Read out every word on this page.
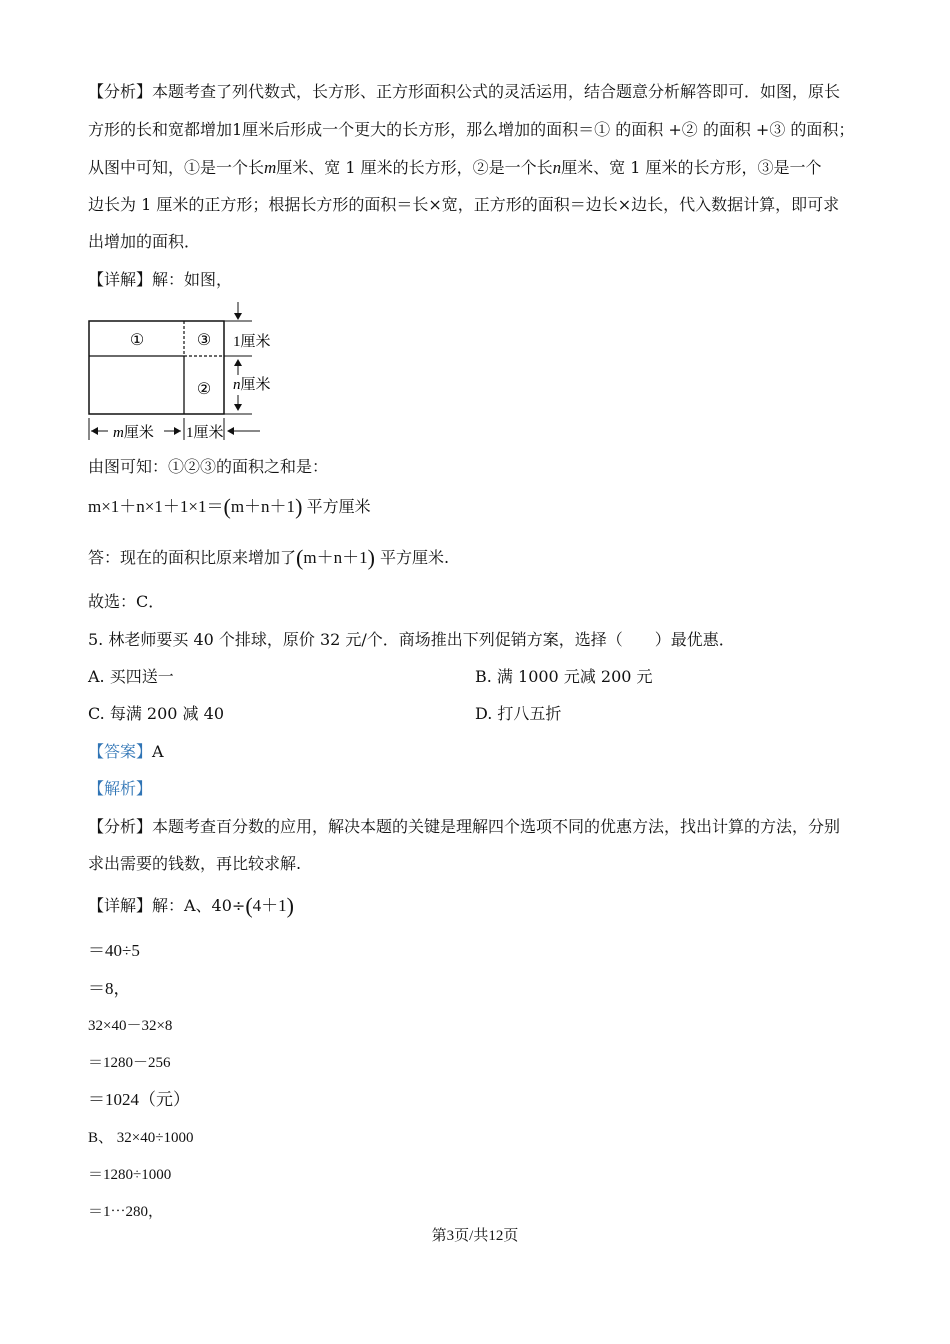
【分析】本题考查了列代数式，长方形、正方形面积公式的灵活运用，结合题意分析解答即可．如图，原长
方形的长和宽都增加1厘米后形成一个更大的长方形，那么增加的面积＝① 的面积 +② 的面积 +③ 的面积；
从图中可知，①是一个长m厘米、宽 1 厘米的长方形，②是一个长n厘米、宽 1 厘米的长方形，③是一个
边长为 1 厘米的正方形；根据长方形的面积＝长×宽，正方形的面积＝边长×边长，代入数据计算，即可求
出增加的面积．
【详解】解：如图，
①	③
②
1厘米
n厘米
m厘米 1厘米
由图可知：①②③的面积之和是：
m×1＋n×1＋1×1＝(m＋n＋1) 平方厘米
答：现在的面积比原来增加了(m＋n＋1) 平方厘米.
故选：C．
5. 林老师要买 40 个排球，原价 32 元/个．商场推出下列促销方案，选择（　　）最优惠．
A. 买四送一	B. 满 1000 元减 200 元
C. 每满 200 减 40	D. 打八五折
【答案】A
【解析】
【分析】本题考查百分数的应用，解决本题的关键是理解四个选项不同的优惠方法，找出计算的方法，分别
求出需要的钱数，再比较求解.
【详解】解：A、40÷(4＋1)
＝40÷5
＝8，
32×40－32×8
＝1280－256
＝1024（元）
B、 32×40÷1000
＝1280÷1000
＝1⋯280，
第3页/共12页
